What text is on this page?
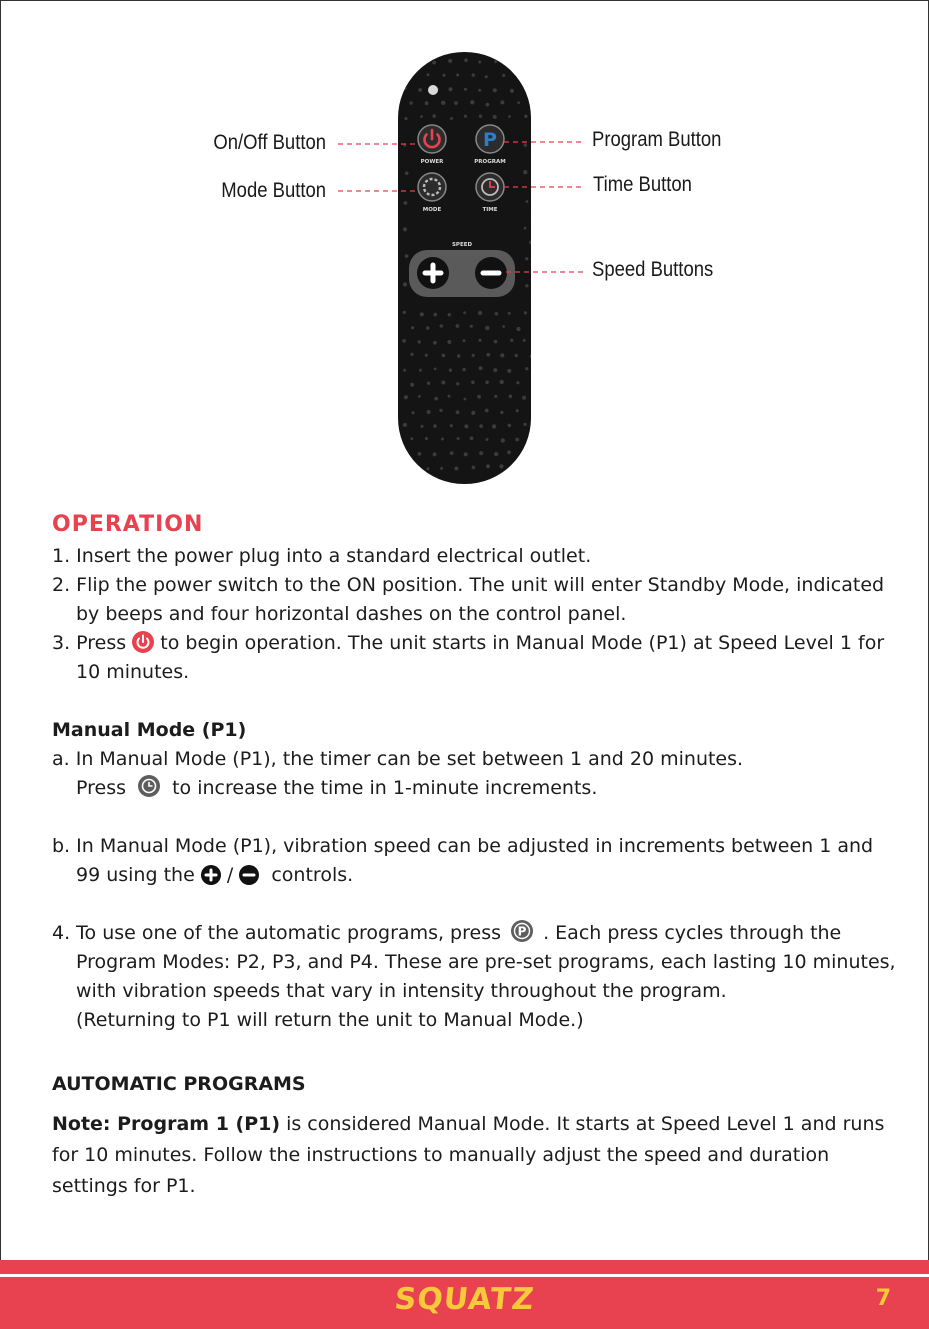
P
POWER	PROGRAM
MODE	TIME
SPEED
On/Off Button
Mode Button
Program Button
Time Button
Speed Buttons
OPERATION
1. Insert the power plug into a standard electrical outlet.
2. Flip the power switch to the ON position. The unit will enter Standby Mode, indicated
by beeps and four horizontal dashes on the control panel.
3. Press to begin operation. The unit starts in Manual Mode (P1) at Speed Level 1 for
10 minutes.
Manual Mode (P1)
a. In Manual Mode (P1), the timer can be set between 1 and 20 minutes.
Press to increase the time in 1-minute increments.
b. In Manual Mode (P1), vibration speed can be adjusted in increments between 1 and
99 using the / controls.
4. To use one of the automatic programs, press P . Each press cycles through the
Program Modes: P2, P3, and P4. These are pre-set programs, each lasting 10 minutes,
with vibration speeds that vary in intensity throughout the program.
(Returning to P1 will return the unit to Manual Mode.)
AUTOMATIC PROGRAMS
Note: Program 1 (P1) is considered Manual Mode. It starts at Speed Level 1 and runs
for 10 minutes. Follow the instructions to manually adjust the speed and duration
settings for P1.
SQUATZ	7
